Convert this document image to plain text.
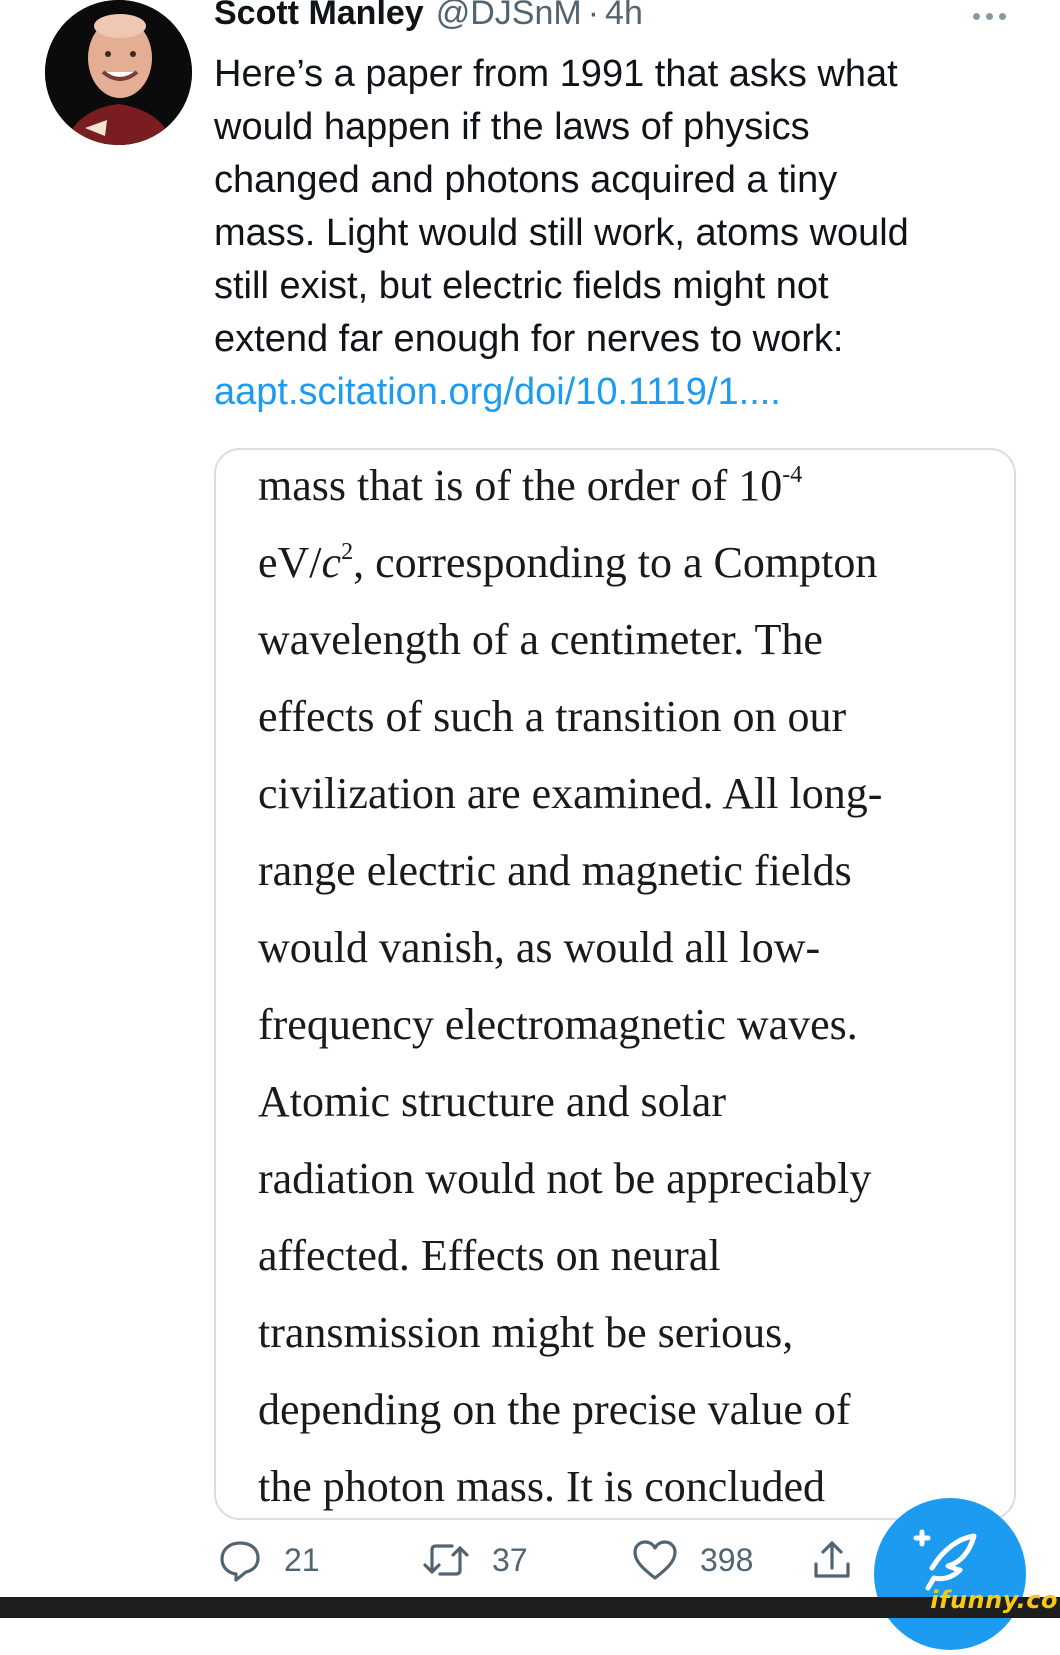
Scott Manley @DJSnM · 4h

Here’s a paper from 1991 that asks what

would happen if the laws of physics

changed and photons acquired a tiny

mass. Light would still work, atoms would

still exist, but electric fields might not

extend far enough for nerves to work:

aapt.scitation.org/doi/10.1119/1....
mass that is of the order of $10^{-4}$
$eV/c^2$, corresponding to a Compton
wavelength of a centimeter. The
effects of such a transition on our
civilization are examined. All long-
range electric and magnetic fields
would vanish, as would all low-
frequency electromagnetic waves.
Atomic structure and solar
radiation would not be appreciably
affected. Effects on neural
transmission might be serious,
depending on the precise value of
the photon mass. It is concluded
21	37	398
ifunny.co
